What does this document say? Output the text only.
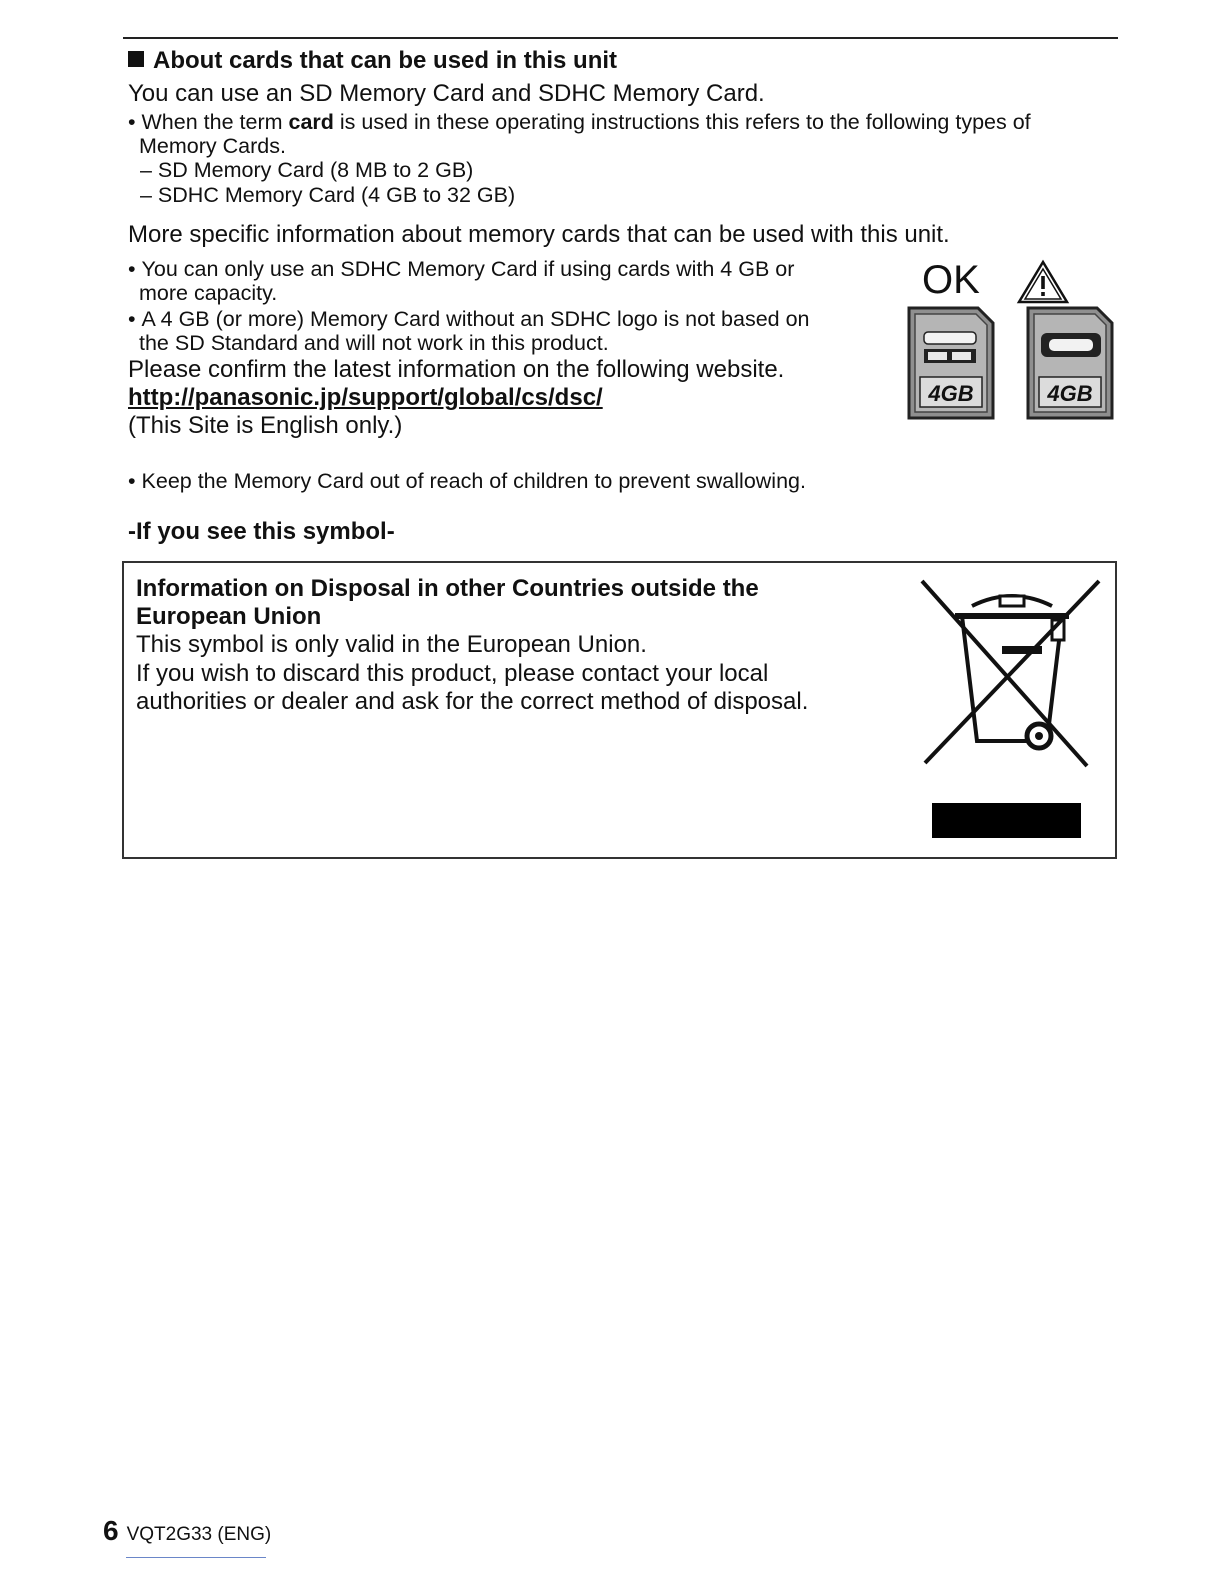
About cards that can be used in this unit
You can use an SD Memory Card and SDHC Memory Card.
• When the term card is used in these operating instructions this refers to the following types of
Memory Cards.
– SD Memory Card (8 MB to 2 GB)
– SDHC Memory Card (4 GB to 32 GB)
More specific information about memory cards that can be used with this unit.
• You can only use an SDHC Memory Card if using cards with 4 GB or
more capacity.
• A 4 GB (or more) Memory Card without an SDHC logo is not based on
the SD Standard and will not work in this product.
Please confirm the latest information on the following website.
http://panasonic.jp/support/global/cs/dsc/
(This Site is English only.)
OK
4GB	4GB
• Keep the Memory Card out of reach of children to prevent swallowing.
-If you see this symbol-
Information on Disposal in other Countries outside the
European Union
This symbol is only valid in the European Union.
If you wish to discard this product, please contact your local
authorities or dealer and ask for the correct method of disposal.
6 VQT2G33 (ENG)
